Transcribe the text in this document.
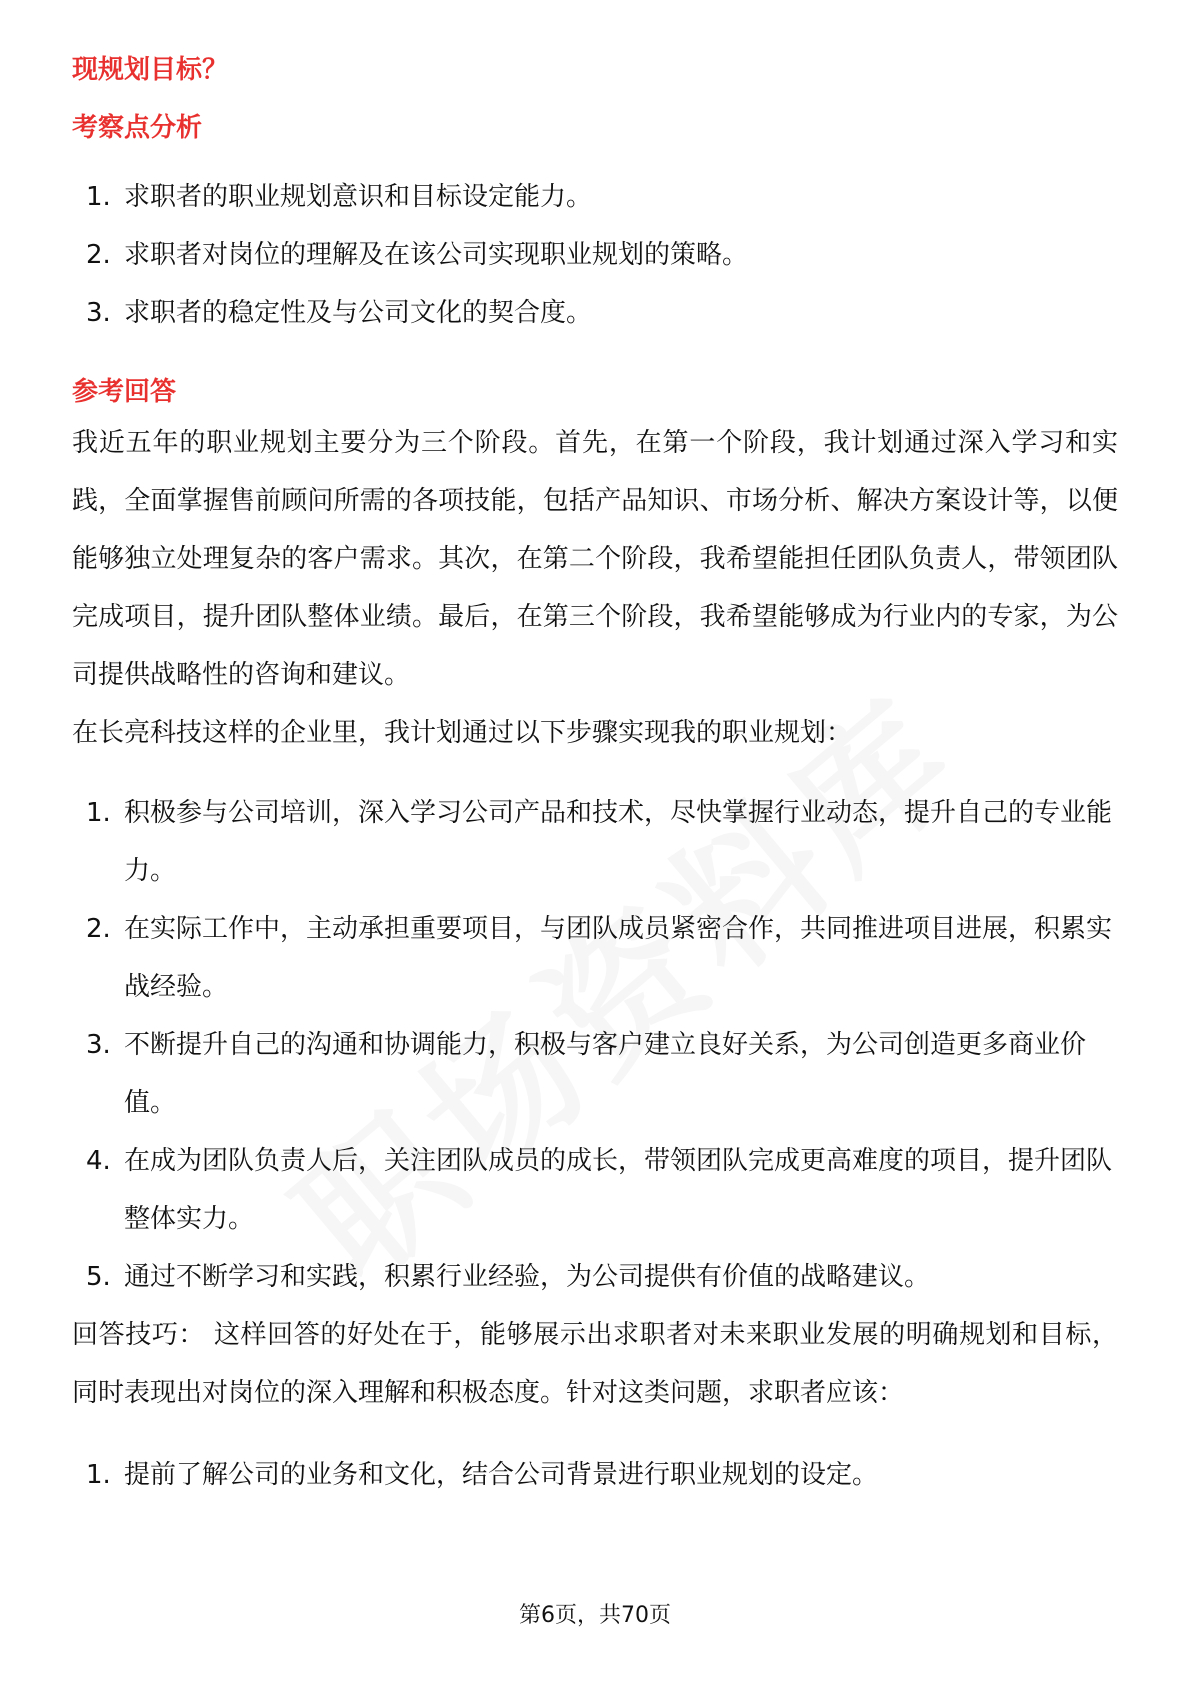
现规划目标？
考察点分析
1. 求职者的职业规划意识和目标设定能力。
2. 求职者对岗位的理解及在该公司实现职业规划的策略。
3. 求职者的稳定性及与公司文化的契合度。
参考回答

我近五年的职业规划主要分为三个阶段。首先，在第一个阶段，我计划通过深入学习和实践，全面掌握售前顾问所需的各项技能，包括产品知识、市场分析、解决方案设计等，以便能够独立处理复杂的客户需求。其次，在第二个阶段，我希望能担任团队负责人，带领团队完成项目，提升团队整体业绩。最后，在第三个阶段，我希望能够成为行业内的专家，为公司提供战略性的咨询和建议。

在长亮科技这样的企业里，我计划通过以下步骤实现我的职业规划：

1. 积极参与公司培训，深入学习公司产品和技术，尽快掌握行业动态，提升自己的专业能力。
2. 在实际工作中，主动承担重要项目，与团队成员紧密合作，共同推进项目进展，积累实战经验。
3. 不断提升自己的沟通和协调能力，积极与客户建立良好关系，为公司创造更多商业价值。
4. 在成为团队负责人后，关注团队成员的成长，带领团队完成更高难度的项目，提升团队整体实力。
5. 通过不断学习和实践，积累行业经验，为公司提供有价值的战略建议。

回答技巧： 这样回答的好处在于，能够展示出求职者对未来职业发展的明确规划和目标，同时表现出对岗位的深入理解和积极态度。针对这类问题，求职者应该：

1. 提前了解公司的业务和文化，结合公司背景进行职业规划的设定。
第6页，共70页
